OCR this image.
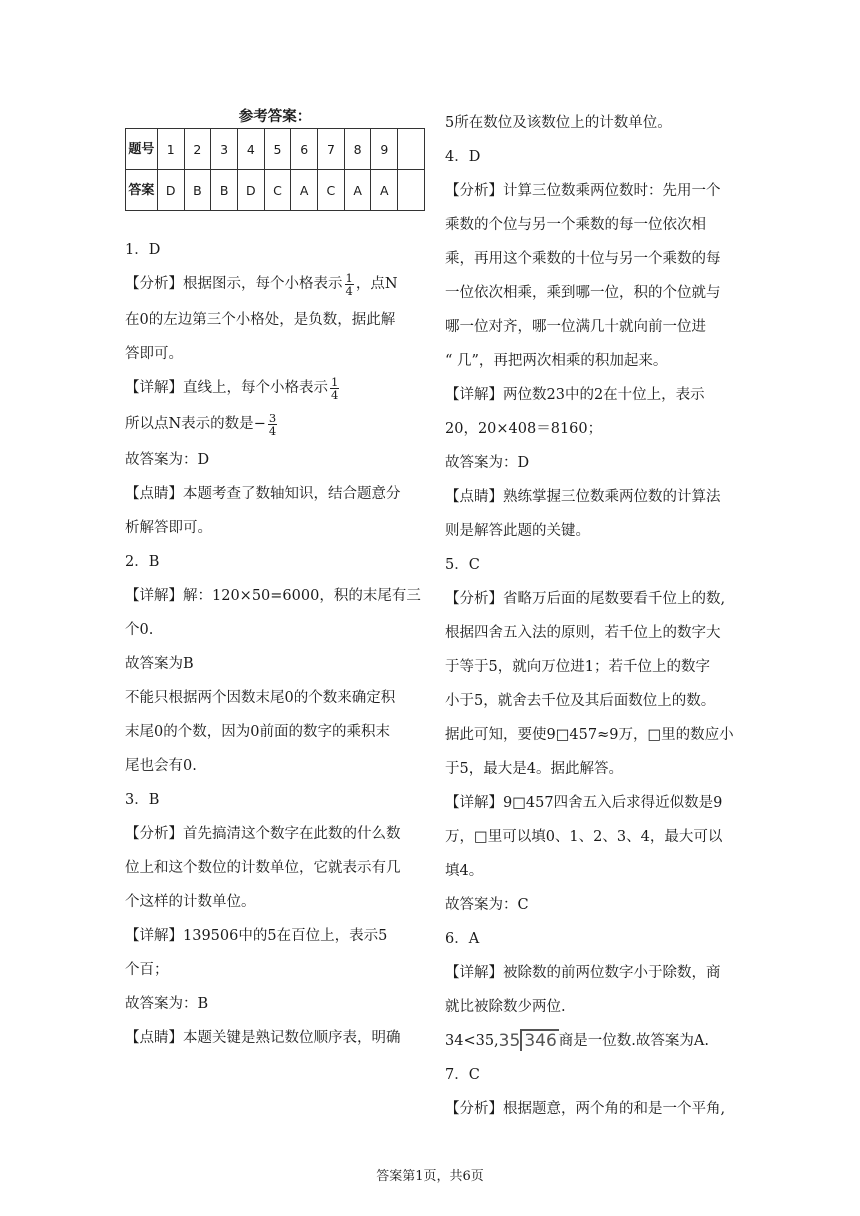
参考答案：
题号	1	2	3	4	5	6	7	8	9	
答案	D	B	B	D	C	A	C	A	A	
1．D
【分析】根据图示，每个小格表示 $\frac{1}{4}$ ，点N
在0的左边第三个小格处，是负数，据此解
答即可。
【详解】直线上，每个小格表示 $\frac{1}{4}$
所以点N表示的数是− $\frac{3}{4}$
故答案为：D
【点睛】本题考查了数轴知识，结合题意分
析解答即可。
2．B
【详解】解：120×50=6000，积的末尾有三
个0.
故答案为B
不能只根据两个因数末尾0的个数来确定积
末尾0的个数，因为0前面的数字的乘积末
尾也会有0.
3．B
【分析】首先搞清这个数字在此数的什么数
位上和这个数位的计数单位，它就表示有几
个这样的计数单位。
【详解】139506中的5在百位上，表示5
个百；
故答案为：B
【点睛】本题关键是熟记数位顺序表，明确
5所在数位及该数位上的计数单位。
4．D
【分析】计算三位数乘两位数时：先用一个
乘数的个位与另一个乘数的每一位依次相
乘，再用这个乘数的十位与另一个乘数的每
一位依次相乘，乘到哪一位，积的个位就与
哪一位对齐，哪一位满几十就向前一位进
“ 几”，再把两次相乘的积加起来。
【详解】两位数23中的2在十位上，表示
20，20×408＝8160；
故答案为：D
【点睛】熟练掌握三位数乘两位数的计算法
则是解答此题的关键。
5．C
【分析】省略万后面的尾数要看千位上的数,
根据四舍五入法的原则，若千位上的数字大
于等于5，就向万位进1；若千位上的数字
小于5，就舍去千位及其后面数位上的数。
据此可知，要使9□457≈9万，□里的数应小
于5，最大是4。据此解答。
【详解】9□457四舍五入后求得近似数是9
万，□里可以填0、1、2、3、4，最大可以
填4。
故答案为：C
6．A
【详解】被除数的前两位数字小于除数，商
就比被除数少两位.
34<35,35 346 商是一位数.故答案为A.
7．C
【分析】根据题意，两个角的和是一个平角,
答案第1页，共6页
